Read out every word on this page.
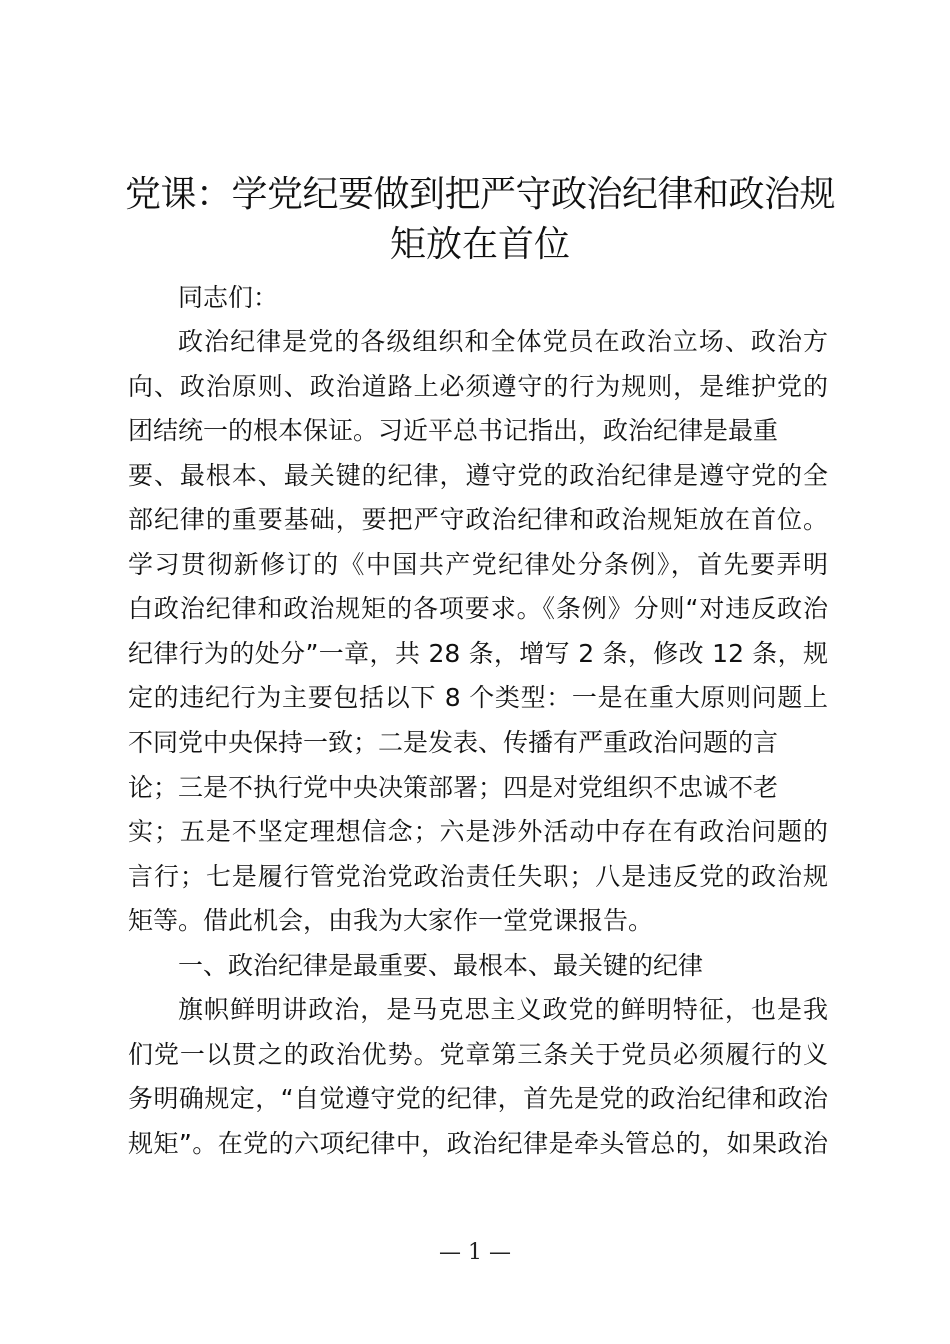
党课：学党纪要做到把严守政治纪律和政治规
矩放在首位

同志们：

政治纪律是党的各级组织和全体党员在政治立场、政治方

向、政治原则、政治道路上必须遵守的行为规则，是维护党的

团结统一的根本保证。习近平总书记指出，政治纪律是最重

要、最根本、最关键的纪律，遵守党的政治纪律是遵守党的全

部纪律的重要基础，要把严守政治纪律和政治规矩放在首位。

学习贯彻新修订的《中国共产党纪律处分条例》，首先要弄明

白政治纪律和政治规矩的各项要求。《条例》分则“对违反政治

纪律行为的处分”一章，共 28 条，增写 2 条，修改 12 条，规

定的违纪行为主要包括以下 8 个类型：一是在重大原则问题上

不同党中央保持一致；二是发表、传播有严重政治问题的言

论；三是不执行党中央决策部署；四是对党组织不忠诚不老

实；五是不坚定理想信念；六是涉外活动中存在有政治问题的

言行；七是履行管党治党政治责任失职；八是违反党的政治规

矩等。借此机会，由我为大家作一堂党课报告。

一、政治纪律是最重要、最根本、最关键的纪律

旗帜鲜明讲政治，是马克思主义政党的鲜明特征，也是我

们党一以贯之的政治优势。党章第三条关于党员必须履行的义

务明确规定，“自觉遵守党的纪律，首先是党的政治纪律和政治

规矩”。在党的六项纪律中，政治纪律是牵头管总的，如果政治

— 1 —
